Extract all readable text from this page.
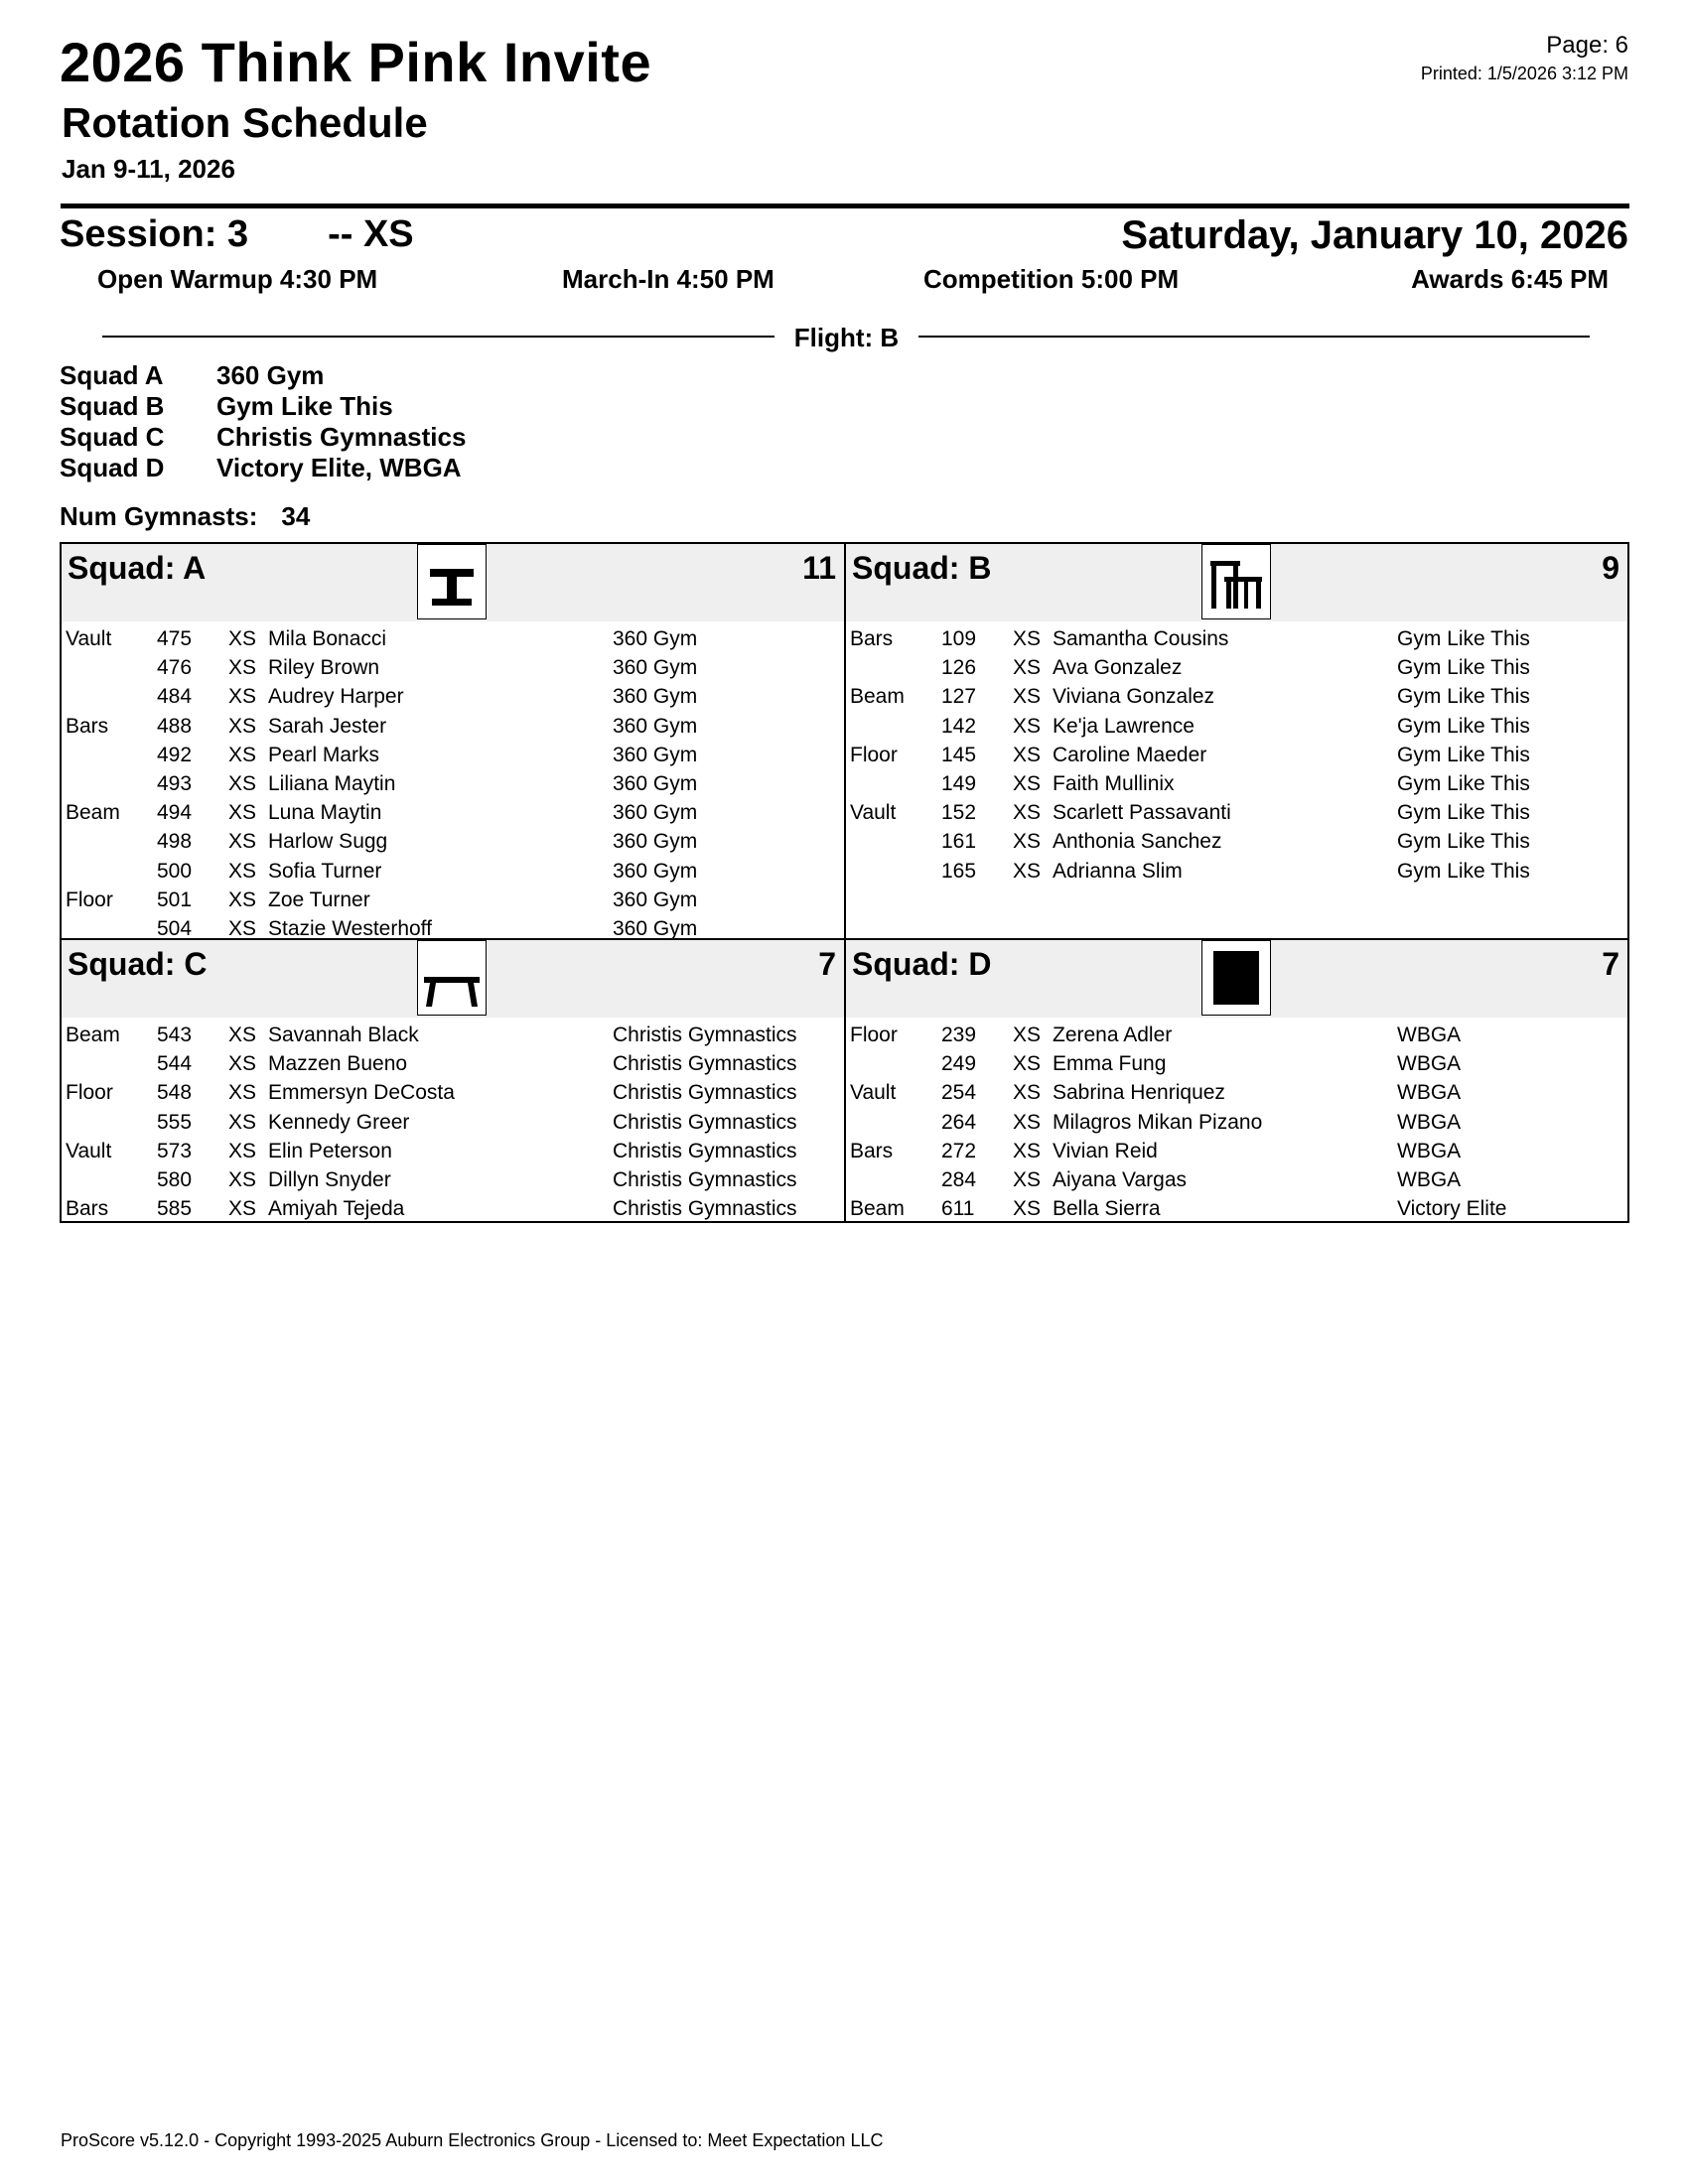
2026 Think Pink Invite
Rotation Schedule
Jan 9-11, 2026
Page: 6
Printed: 1/5/2026 3:12 PM
Session: 3 -- XS	Saturday, January 10, 2026
Open Warmup 4:30 PM	March-In 4:50 PM	Competition 5:00 PM	Awards 6:45 PM
Flight: B
Squad A	360 Gym
Squad B	Gym Like This
Squad C	Christis Gymnastics
Squad D	Victory Elite, WBGA
Num Gymnasts: 34
Squad: A	11
Vault 475 XS Mila Bonacci	360 Gym
476 XS Riley Brown	360 Gym
484 XS Audrey Harper	360 Gym
Bars 488 XS Sarah Jester	360 Gym
492 XS Pearl Marks	360 Gym
493 XS Liliana Maytin	360 Gym
Beam 494 XS Luna Maytin	360 Gym
498 XS Harlow Sugg	360 Gym
500 XS Sofia Turner	360 Gym
Floor 501 XS Zoe Turner	360 Gym
504 XS Stazie Westerhoff	360 Gym
Squad: B	9
Bars 109 XS Samantha Cousins	Gym Like This
126 XS Ava Gonzalez	Gym Like This
Beam 127 XS Viviana Gonzalez	Gym Like This
142 XS Ke'ja Lawrence	Gym Like This
Floor 145 XS Caroline Maeder	Gym Like This
149 XS Faith Mullinix	Gym Like This
Vault 152 XS Scarlett Passavanti	Gym Like This
161 XS Anthonia Sanchez	Gym Like This
165 XS Adrianna Slim	Gym Like This
Squad: C	7
Beam 543 XS Savannah Black	Christis Gymnastics
544 XS Mazzen Bueno	Christis Gymnastics
Floor 548 XS Emmersyn DeCosta	Christis Gymnastics
555 XS Kennedy Greer	Christis Gymnastics
Vault 573 XS Elin Peterson	Christis Gymnastics
580 XS Dillyn Snyder	Christis Gymnastics
Bars 585 XS Amiyah Tejeda	Christis Gymnastics
Squad: D	7
Floor 239 XS Zerena Adler	WBGA
249 XS Emma Fung	WBGA
Vault 254 XS Sabrina Henriquez	WBGA
264 XS Milagros Mikan Pizano	WBGA
Bars 272 XS Vivian Reid	WBGA
284 XS Aiyana Vargas	WBGA
Beam 611 XS Bella Sierra	Victory Elite
ProScore v5.12.0 - Copyright 1993-2025 Auburn Electronics Group - Licensed to: Meet Expectation LLC
